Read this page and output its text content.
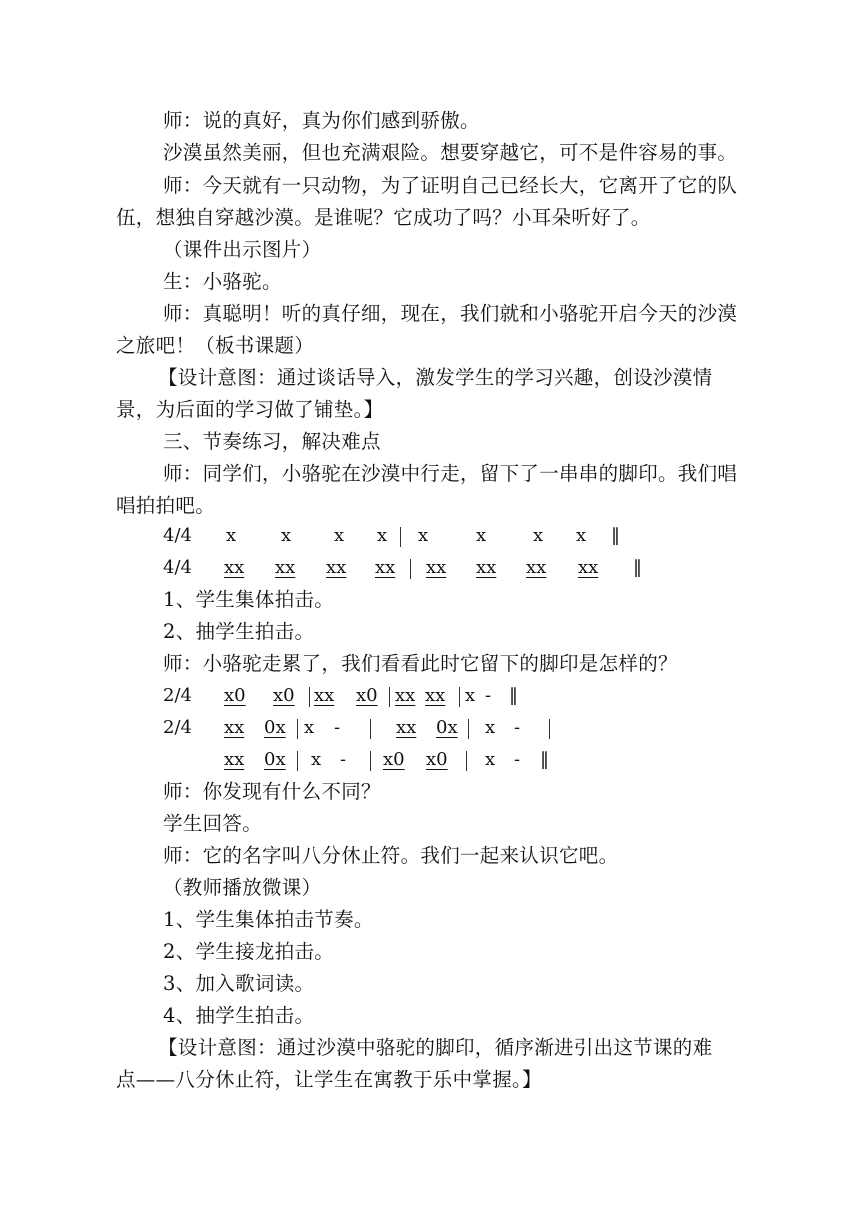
师：说的真好，真为你们感到骄傲。
沙漠虽然美丽，但也充满艰险。想要穿越它，可不是件容易的事。
师：今天就有一只动物，为了证明自己已经长大，它离开了它的队
伍，想独自穿越沙漠。是谁呢？它成功了吗？小耳朵听好了。
（课件出示图片）
生：小骆驼。
师：真聪明！听的真仔细，现在，我们就和小骆驼开启今天的沙漠
之旅吧！（板书课题）
【设计意图：通过谈话导入，激发学生的学习兴趣，创设沙漠情
景，为后面的学习做了铺垫。】
三、节奏练习，解决难点
师：同学们，小骆驼在沙漠中行走，留下了一串串的脚印。我们唱
唱拍拍吧。
4/4 x x x x x	x	x x ‖
4/4 xx xx xx xx xx xx xx xx ‖
1、学生集体拍击。
2、抽学生拍击。
师：小骆驼走累了，我们看看此时它留下的脚印是怎样的？
2/4 x0 x0 xx x0 xx xx x - ‖
2/4 xx 0x x -	xx 0x x -
xx 0x x - x0 x0 x - ‖
师：你发现有什么不同？
学生回答。
师：它的名字叫八分休止符。我们一起来认识它吧。
（教师播放微课）
1、学生集体拍击节奏。
2、学生接龙拍击。
3、加入歌词读。
4、抽学生拍击。
【设计意图：通过沙漠中骆驼的脚印，循序渐进引出这节课的难
点——八分休止符，让学生在寓教于乐中掌握。】
